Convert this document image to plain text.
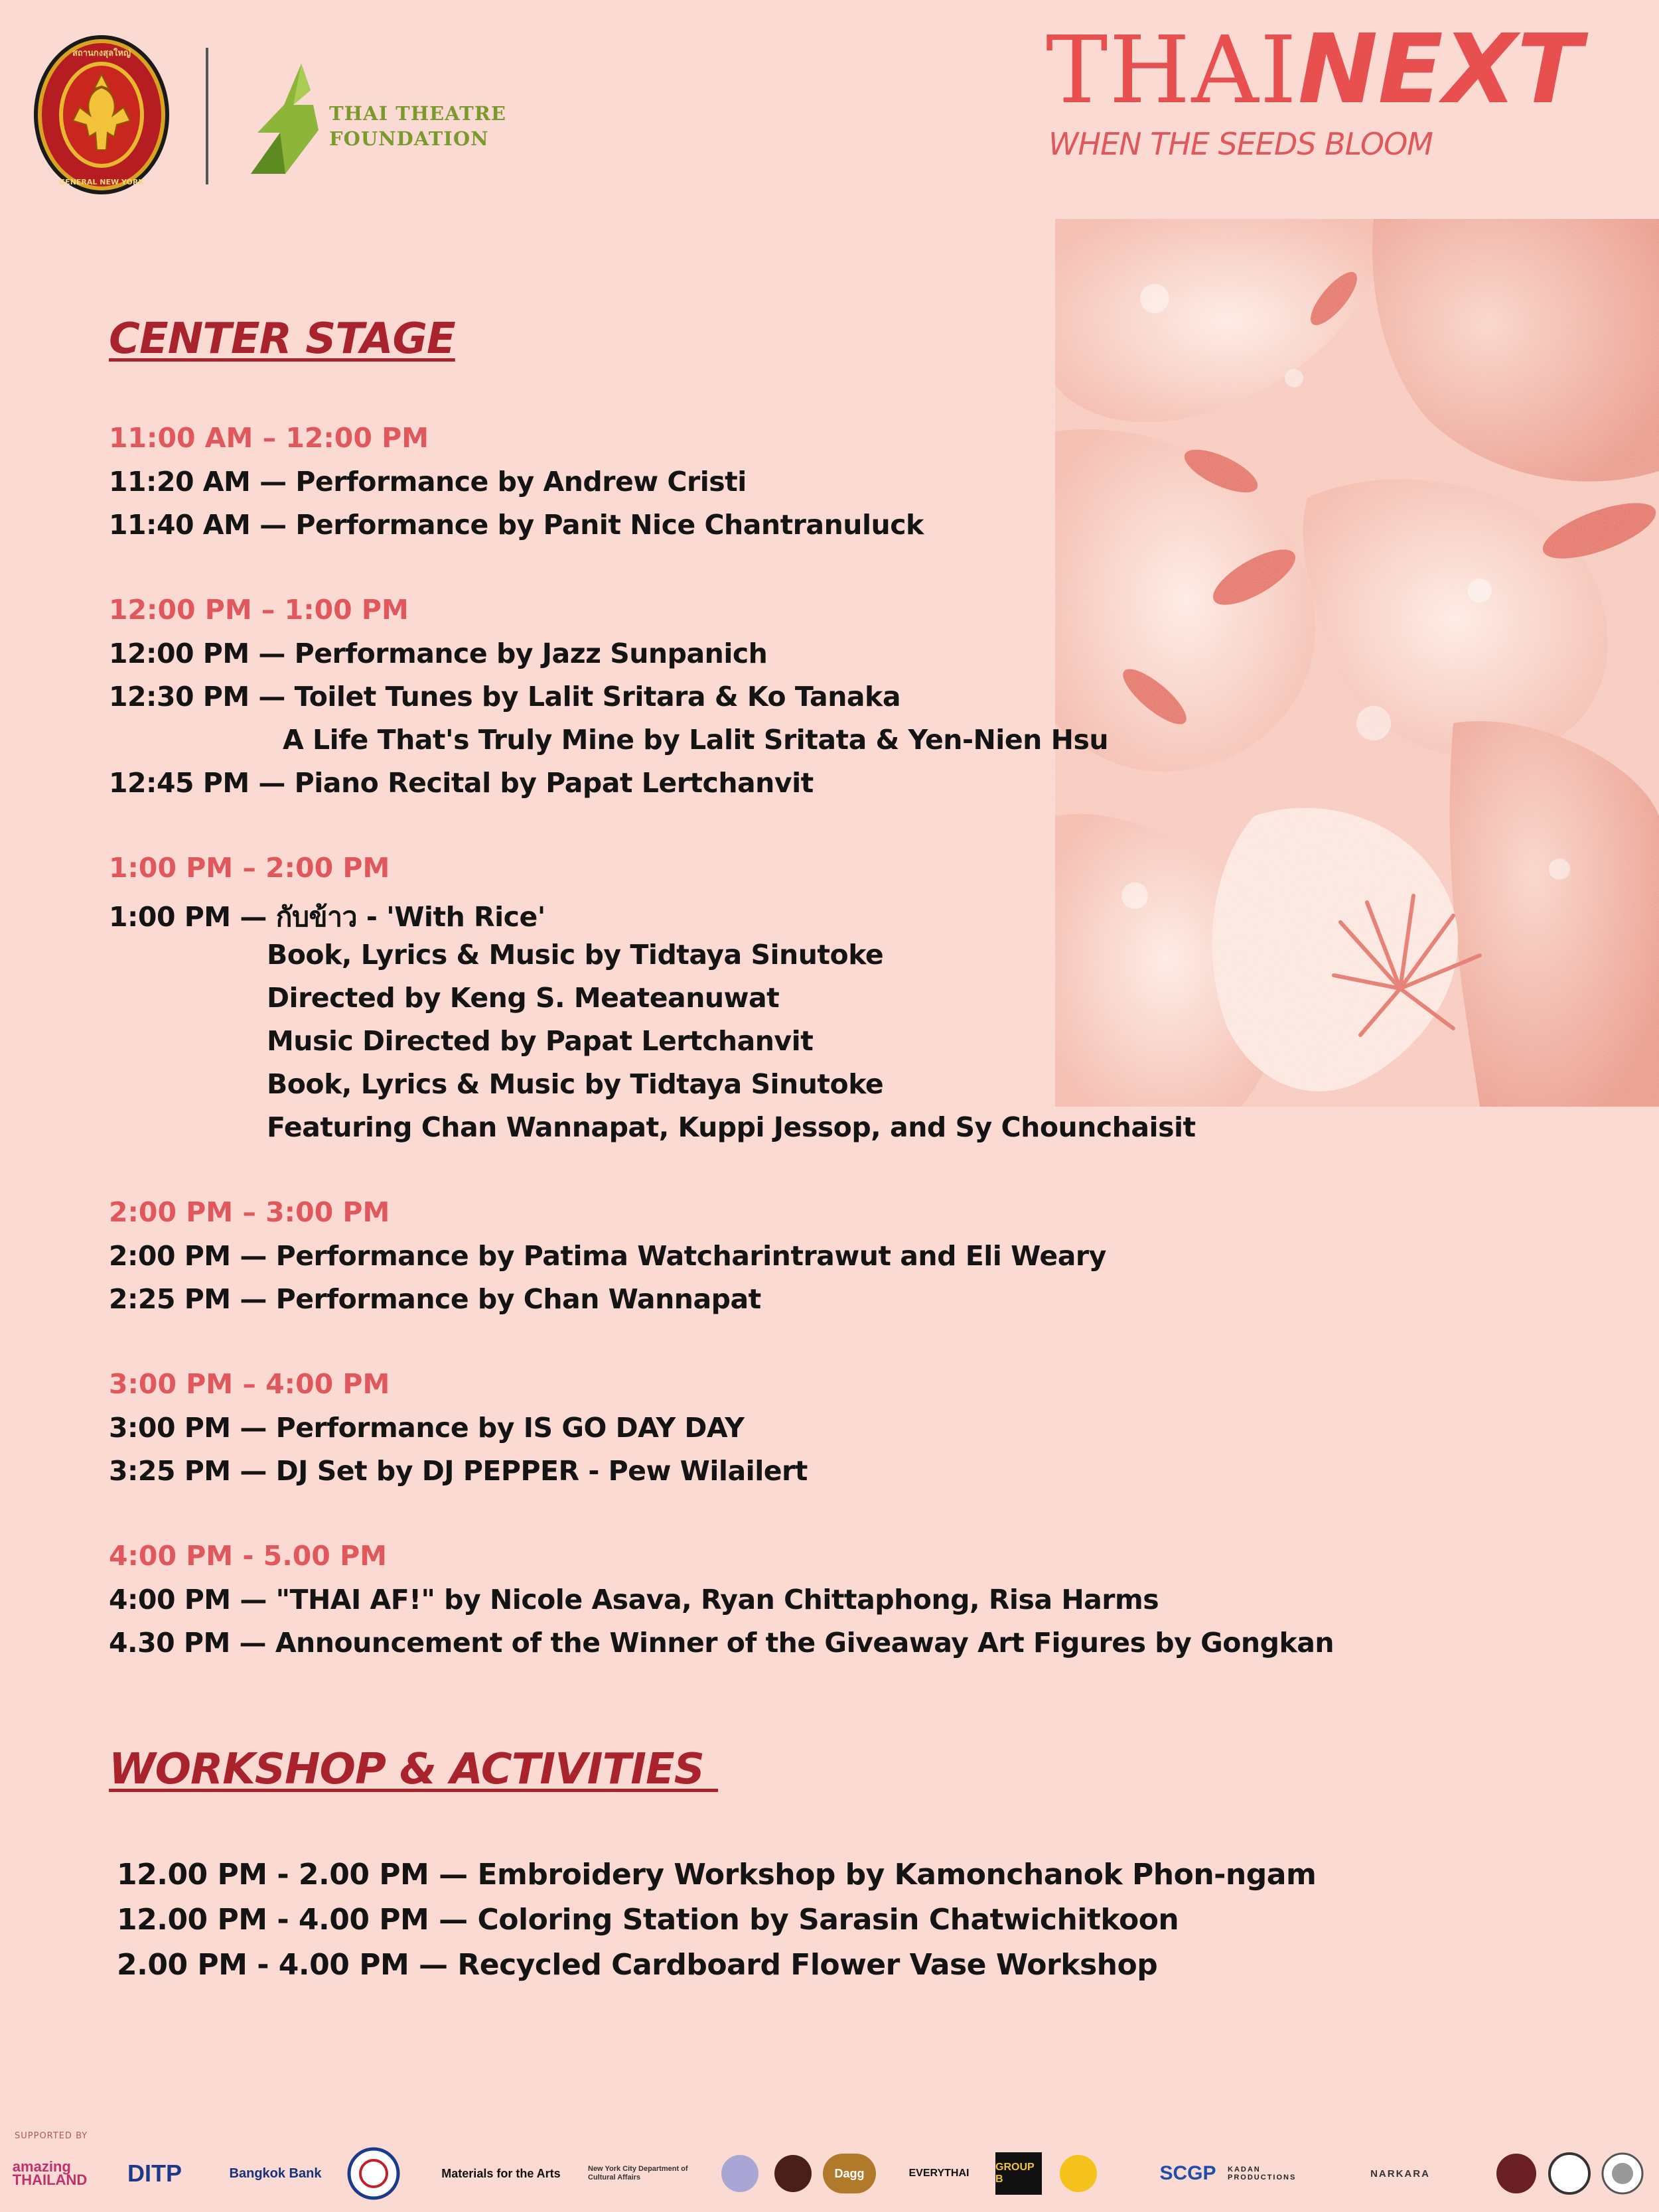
สถานกงสุลใหญ่
GENERAL NEW YORK
THAI THEATRE
FOUNDATION
THAINEXT
WHEN THE SEEDS BLOOM
CENTER STAGE
11:00 AM – 12:00 PM
11:20 AM — Performance by Andrew Cristi
11:40 AM — Performance by Panit Nice Chantranuluck
12:00 PM – 1:00 PM
12:00 PM — Performance by Jazz Sunpanich
12:30 PM — Toilet Tunes by Lalit Sritara & Ko Tanaka
A Life That's Truly Mine by Lalit Sritata & Yen-Nien Hsu
12:45 PM — Piano Recital by Papat Lertchanvit
1:00 PM – 2:00 PM
1:00 PM — กับข้าว - 'With Rice'
Book, Lyrics & Music by Tidtaya Sinutoke
Directed by Keng S. Meateanuwat
Music Directed by Papat Lertchanvit
Book, Lyrics & Music by Tidtaya Sinutoke
Featuring Chan Wannapat, Kuppi Jessop, and Sy Chounchaisit
2:00 PM – 3:00 PM
2:00 PM — Performance by Patima Watcharintrawut and Eli Weary
2:25 PM — Performance by Chan Wannapat
3:00 PM – 4:00 PM
3:00 PM — Performance by IS GO DAY DAY
3:25 PM — DJ Set by DJ PEPPER - Pew Wilailert
4:00 PM - 5.00 PM
4:00 PM — "THAI AF!" by Nicole Asava, Ryan Chittaphong, Risa Harms
4.30 PM — Announcement of the Winner of the Giveaway Art Figures by Gongkan
WORKSHOP & ACTIVITIES
12.00 PM - 2.00 PM — Embroidery Workshop by Kamonchanok Phon-ngam
12.00 PM - 4.00 PM — Coloring Station by Sarasin Chatwichitkoon
2.00 PM - 4.00 PM — Recycled Cardboard Flower Vase Workshop
SUPPORTED BY
amazing THAILAND	DITP	Bangkok Bank	Materials for the Arts	New York City Department of Cultural Affairs	Dagg	EVERYTHAI
GROUP B	SCGP	KADAN PRODUCTIONS	NARKARA
